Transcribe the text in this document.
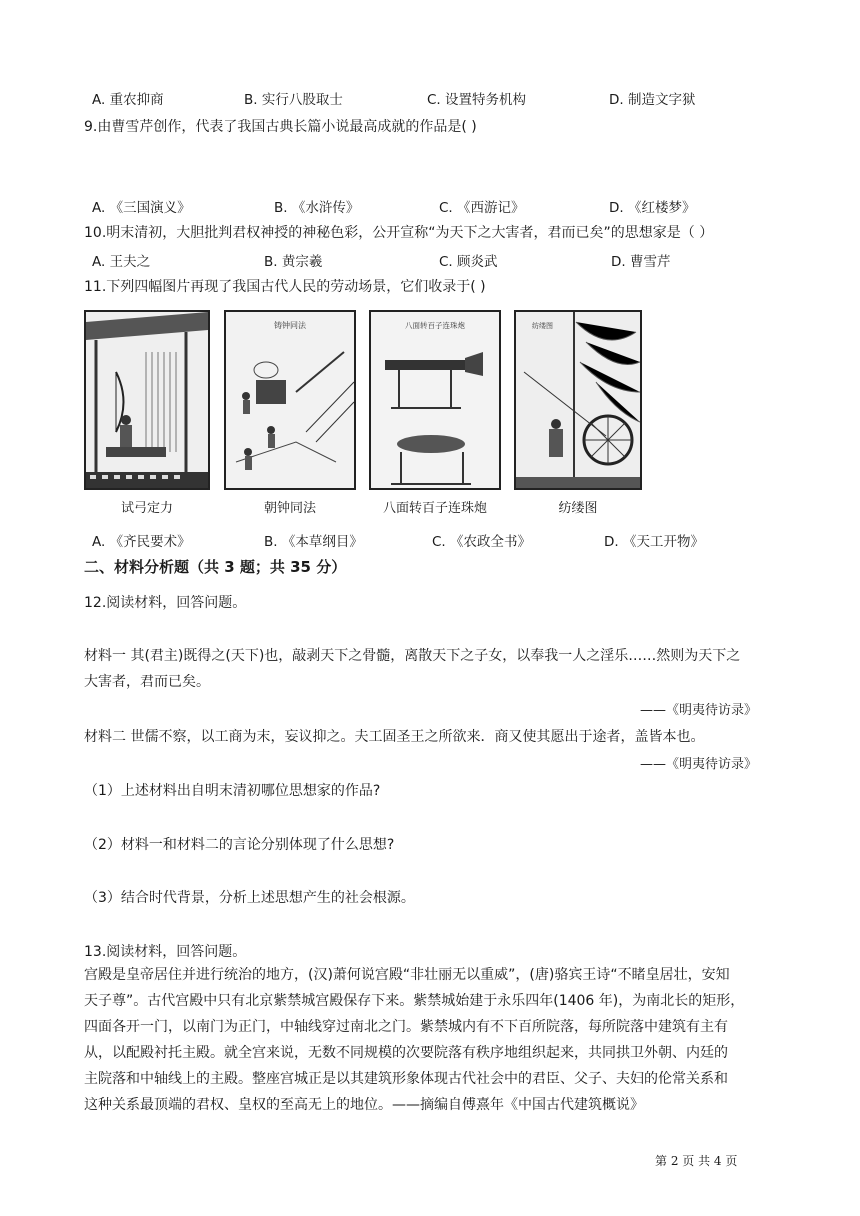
A. 重农抑商	B. 实行八股取士	C. 设置特务机构	D. 制造文字狱
9.由曹雪芹创作，代表了我国古典长篇小说最高成就的作品是( )
A. 《三国演义》	B. 《水浒传》	C. 《西游记》	D. 《红楼梦》
10.明末清初，大胆批判君权神授的神秘色彩，公开宣称“为天下之大害者，君而已矣”的思想家是（ ）
A. 王夫之	B. 黄宗羲	C. 顾炎武	D. 曹雪芹
11.下列四幅图片再现了我国古代人民的劳动场景，它们收录于( )
铸钟同法	八面转百子连珠炮	纺缕图
试弓定力	朝钟同法	八面转百子连珠炮	纺缕图
A. 《齐民要术》	B. 《本草纲目》	C. 《农政全书》	D. 《天工开物》
二、材料分析题（共 3 题；共 35 分）
12.阅读材料，回答问题。
材料一 其(君主)既得之(天下)也，敲剥天下之骨髓，离散天下之子女，以奉我一人之淫乐……然则为天下之
大害者，君而已矣。
——《明夷待访录》
材料二 世儒不察，以工商为末，妄议抑之。夫工固圣王之所欲来．商又使其愿出于途者，盖皆本也。
——《明夷待访录》
（1）上述材料出自明末清初哪位思想家的作品?
（2）材料一和材料二的言论分别体现了什么思想?
（3）结合时代背景，分析上述思想产生的社会根源。
13.阅读材料，回答问题。
宫殿是皇帝居住并进行统治的地方，(汉)萧何说宫殿“非壮丽无以重威”，(唐)骆宾王诗“不睹皇居壮，安知
天子尊”。古代宫殿中只有北京紫禁城宫殿保存下来。紫禁城始建于永乐四年(1406 年)，为南北长的矩形，
四面各开一门，以南门为正门，中轴线穿过南北之门。紫禁城内有不下百所院落，每所院落中建筑有主有
从，以配殿衬托主殿。就全宫来说，无数不同规模的次要院落有秩序地组织起来，共同拱卫外朝、内廷的
主院落和中轴线上的主殿。整座宫城正是以其建筑形象体现古代社会中的君臣、父子、夫妇的伦常关系和
这种关系最顶端的君权、皇权的至高无上的地位。——摘编自傅熹年《中国古代建筑概说》
第 2 页 共 4 页
